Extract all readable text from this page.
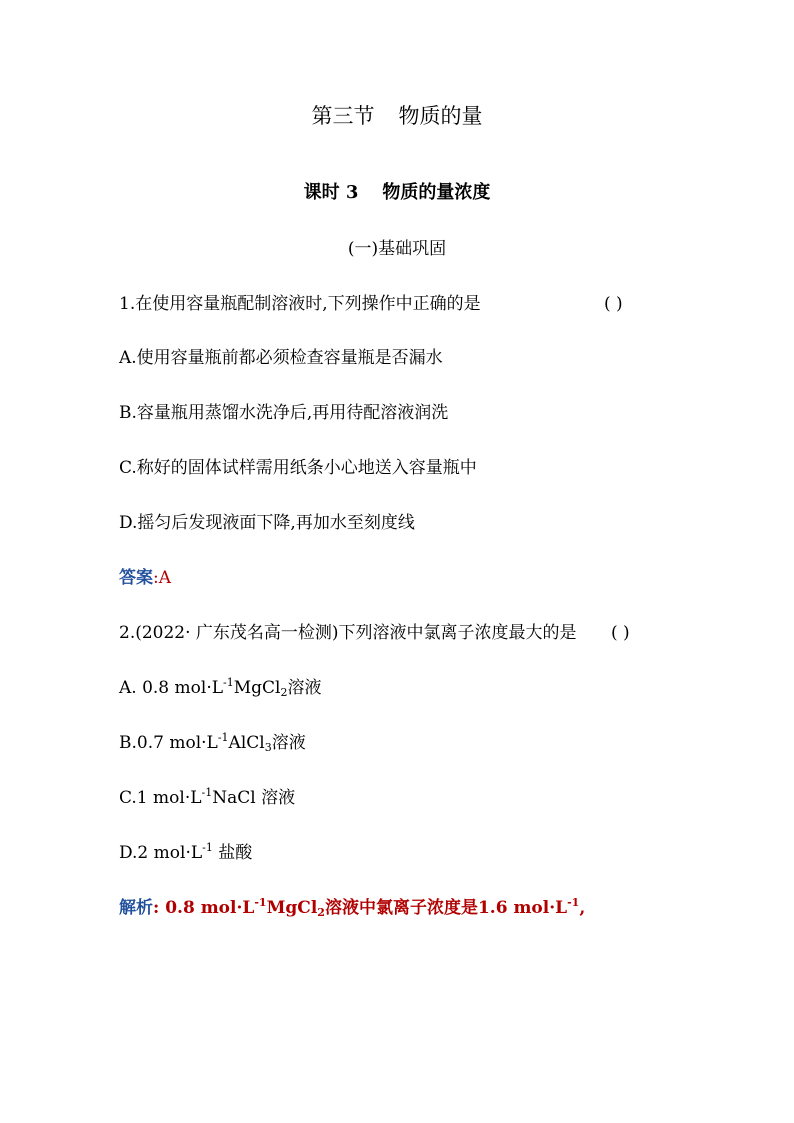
第三节 物质的量
课时 3 物质的量浓度
(一)基础巩固
1.在使用容量瓶配制溶液时,下列操作中正确的是	( )
A.使用容量瓶前都必须检查容量瓶是否漏水
B.容量瓶用蒸馏水洗净后,再用待配溶液润洗
C.称好的固体试样需用纸条小心地送入容量瓶中
D.摇匀后发现液面下降,再加水至刻度线
答案:A
2.(2022· 广东茂名高一检测)下列溶液中氯离子浓度最大的是 ( )
A. 0.8 $mol\cdot L^{-1}MgCl_2$溶液
B.0.7 $mol\cdot L^{-1}AlCl_3$溶液
C.1 $mol\cdot L^{-1}NaCl$ 溶液
D.2 $mol\cdot L^{-1}$ 盐酸
解析: 0.8 $mol\cdot L^{-1}MgCl_2$溶液中氯离子浓度是1.6 $mol\cdot L^{-1}$,
